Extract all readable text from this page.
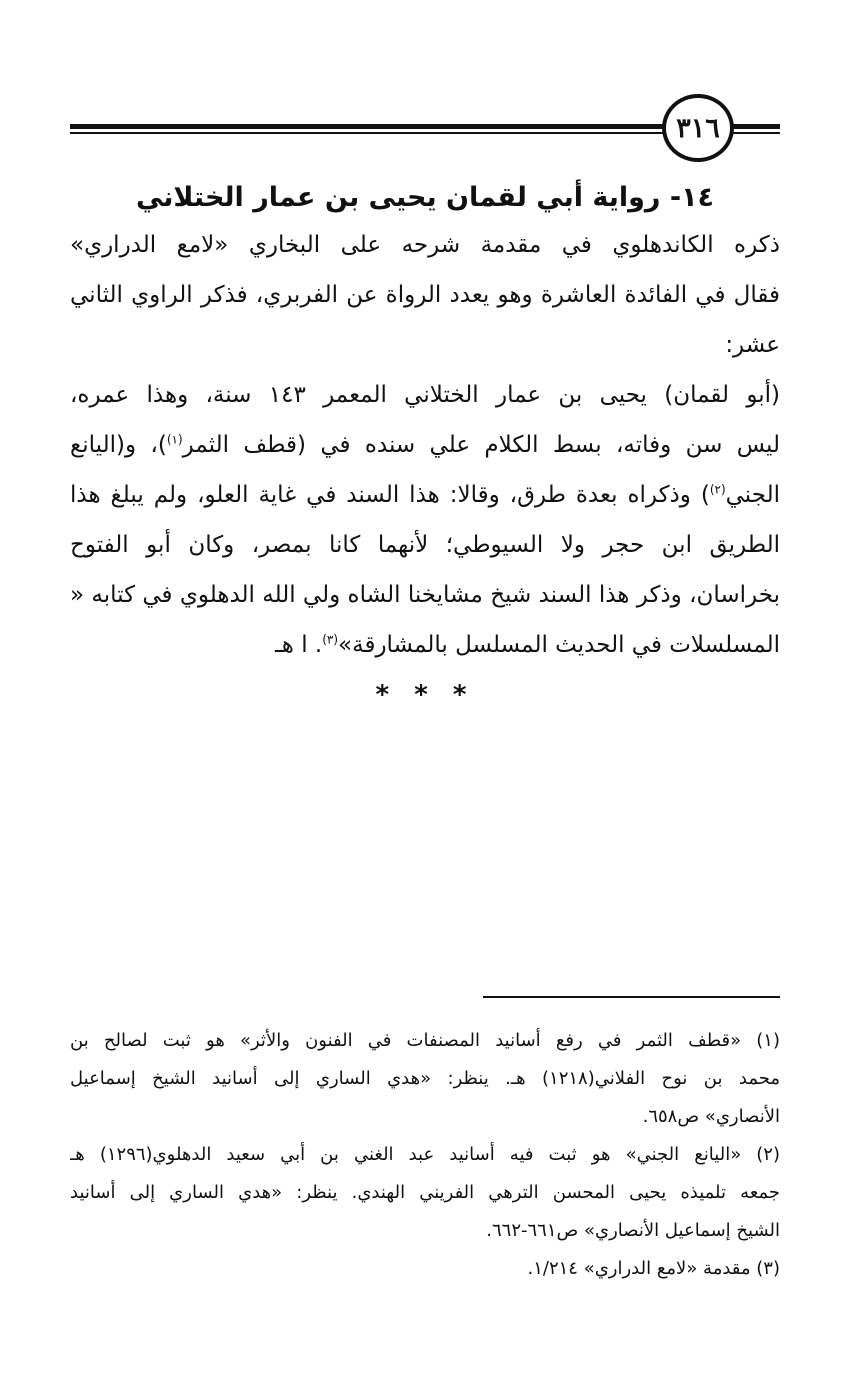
٣١٦
١٤- رواية أبي لقمان يحيى بن عمار الختلاني
ذكره الكاندهلوي في مقدمة شرحه على البخاري «لامع الدراري»
فقال في الفائدة العاشرة وهو يعدد الرواة عن الفربري، فذكر الراوي الثاني
عشر:
(أبو لقمان) يحيى بن عمار الختلاني المعمر ١٤٣ سنة، وهذا عمره،
ليس سن وفاته، بسط الكلام علي سنده في (قطف الثمر$^{(١)}$)، و(اليانع
الجني$^{(٢)}$) وذكراه بعدة طرق، وقالا: هذا السند في غاية العلو، ولم يبلغ هذا
الطريق ابن حجر ولا السيوطي؛ لأنهما كانا بمصر، وكان أبو الفتوح
بخراسان، وذكر هذا السند شيخ مشايخنا الشاه ولي الله الدهلوي في كتابه «
المسلسلات في الحديث المسلسل بالمشارقة»$^{(٣)}$. ا هـ
* * *
(١) «قطف الثمر في رفع أسانيد المصنفات في الفنون والأثر» هو ثبت لصالح بن
محمد بن نوح الفلاني(١٢١٨) هـ. ينظر: «هدي الساري إلى أسانيد الشيخ إسماعيل
الأنصاري» ص٦٥٨.
(٢) «اليانع الجني» هو ثبت فيه أسانيد عبد الغني بن أبي سعيد الدهلوي(١٢٩٦) هـ
جمعه تلميذه يحيى المحسن الترهي الفريني الهندي. ينظر: «هدي الساري إلى أسانيد
الشيخ إسماعيل الأنصاري» ص٦٦١-٦٦٢.
(٣) مقدمة «لامع الدراري» ١/٢١٤.
